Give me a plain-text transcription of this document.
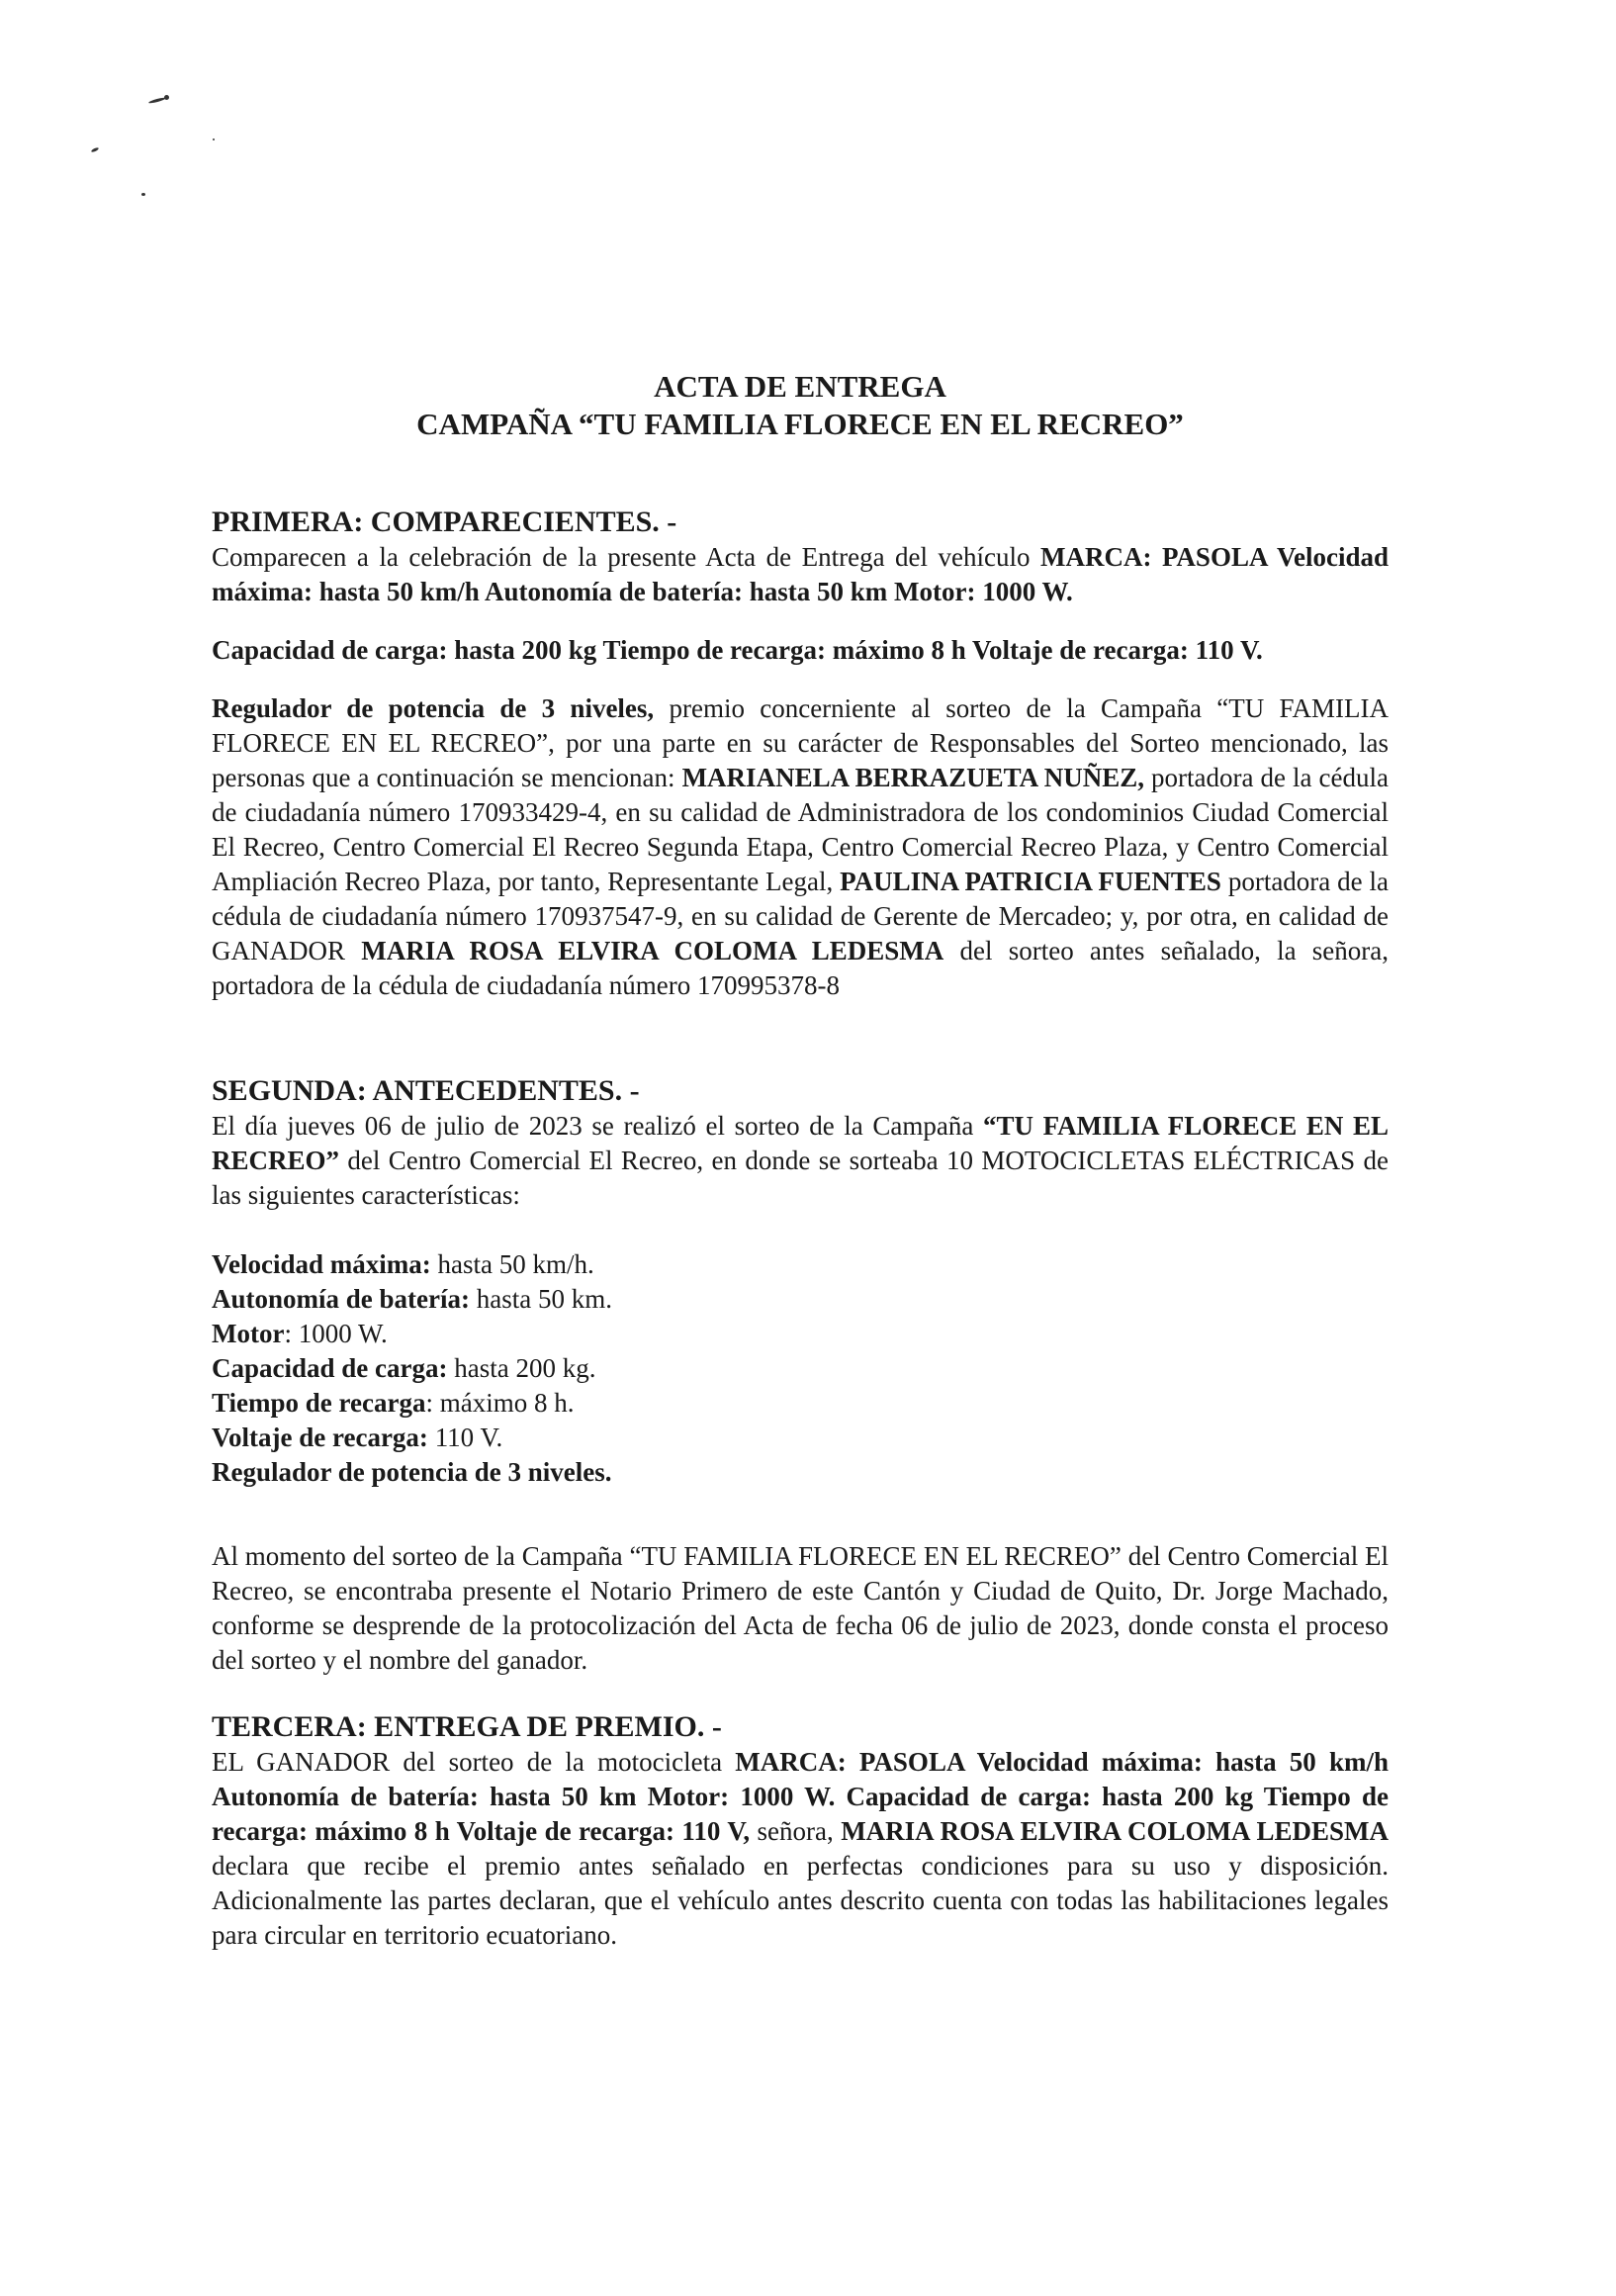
ACTA DE ENTREGA
CAMPAÑA “TU FAMILIA FLORECE EN EL RECREO”
PRIMERA: COMPARECIENTES. -

Comparecen a la celebración de la presente Acta de Entrega del vehículo MARCA: PASOLA Velocidad máxima: hasta 50 km/h Autonomía de batería: hasta 50 km Motor: 1000 W.

Capacidad de carga: hasta 200 kg Tiempo de recarga: máximo 8 h Voltaje de recarga: 110 V.

Regulador de potencia de 3 niveles, premio concerniente al sorteo de la Campaña “TU FAMILIA FLORECE EN EL RECREO”, por una parte en su carácter de Responsables del Sorteo mencionado, las personas que a continuación se mencionan: MARIANELA BERRAZUETA NUÑEZ, portadora de la cédula de ciudadanía número 170933429-4, en su calidad de Administradora de los condominios Ciudad Comercial El Recreo, Centro Comercial El Recreo Segunda Etapa, Centro Comercial Recreo Plaza, y Centro Comercial Ampliación Recreo Plaza, por tanto, Representante Legal, PAULINA PATRICIA FUENTES portadora de la cédula de ciudadanía número 170937547-9, en su calidad de Gerente de Mercadeo; y, por otra, en calidad de GANADOR MARIA ROSA ELVIRA COLOMA LEDESMA del sorteo antes señalado, la señora, portadora de la cédula de ciudadanía número 170995378-8

SEGUNDA: ANTECEDENTES. -

El día jueves 06 de julio de 2023 se realizó el sorteo de la Campaña “TU FAMILIA FLORECE EN EL RECREO” del Centro Comercial El Recreo, en donde se sorteaba 10 MOTOCICLETAS ELÉCTRICAS de las siguientes características:

Velocidad máxima: hasta 50 km/h.
Autonomía de batería: hasta 50 km.
Motor: 1000 W.
Capacidad de carga: hasta 200 kg.
Tiempo de recarga: máximo 8 h.
Voltaje de recarga: 110 V.
Regulador de potencia de 3 niveles.

Al momento del sorteo de la Campaña “TU FAMILIA FLORECE EN EL RECREO” del Centro Comercial El Recreo, se encontraba presente el Notario Primero de este Cantón y Ciudad de Quito, Dr. Jorge Machado, conforme se desprende de la protocolización del Acta de fecha 06 de julio de 2023, donde consta el proceso del sorteo y el nombre del ganador.

TERCERA: ENTREGA DE PREMIO. -

EL GANADOR del sorteo de la motocicleta MARCA: PASOLA Velocidad máxima: hasta 50 km/h Autonomía de batería: hasta 50 km Motor: 1000 W. Capacidad de carga: hasta 200 kg Tiempo de recarga: máximo 8 h Voltaje de recarga: 110 V, señora, MARIA ROSA ELVIRA COLOMA LEDESMA declara que recibe el premio antes señalado en perfectas condiciones para su uso y disposición. Adicionalmente las partes declaran, que el vehículo antes descrito cuenta con todas las habilitaciones legales para circular en territorio ecuatoriano.
